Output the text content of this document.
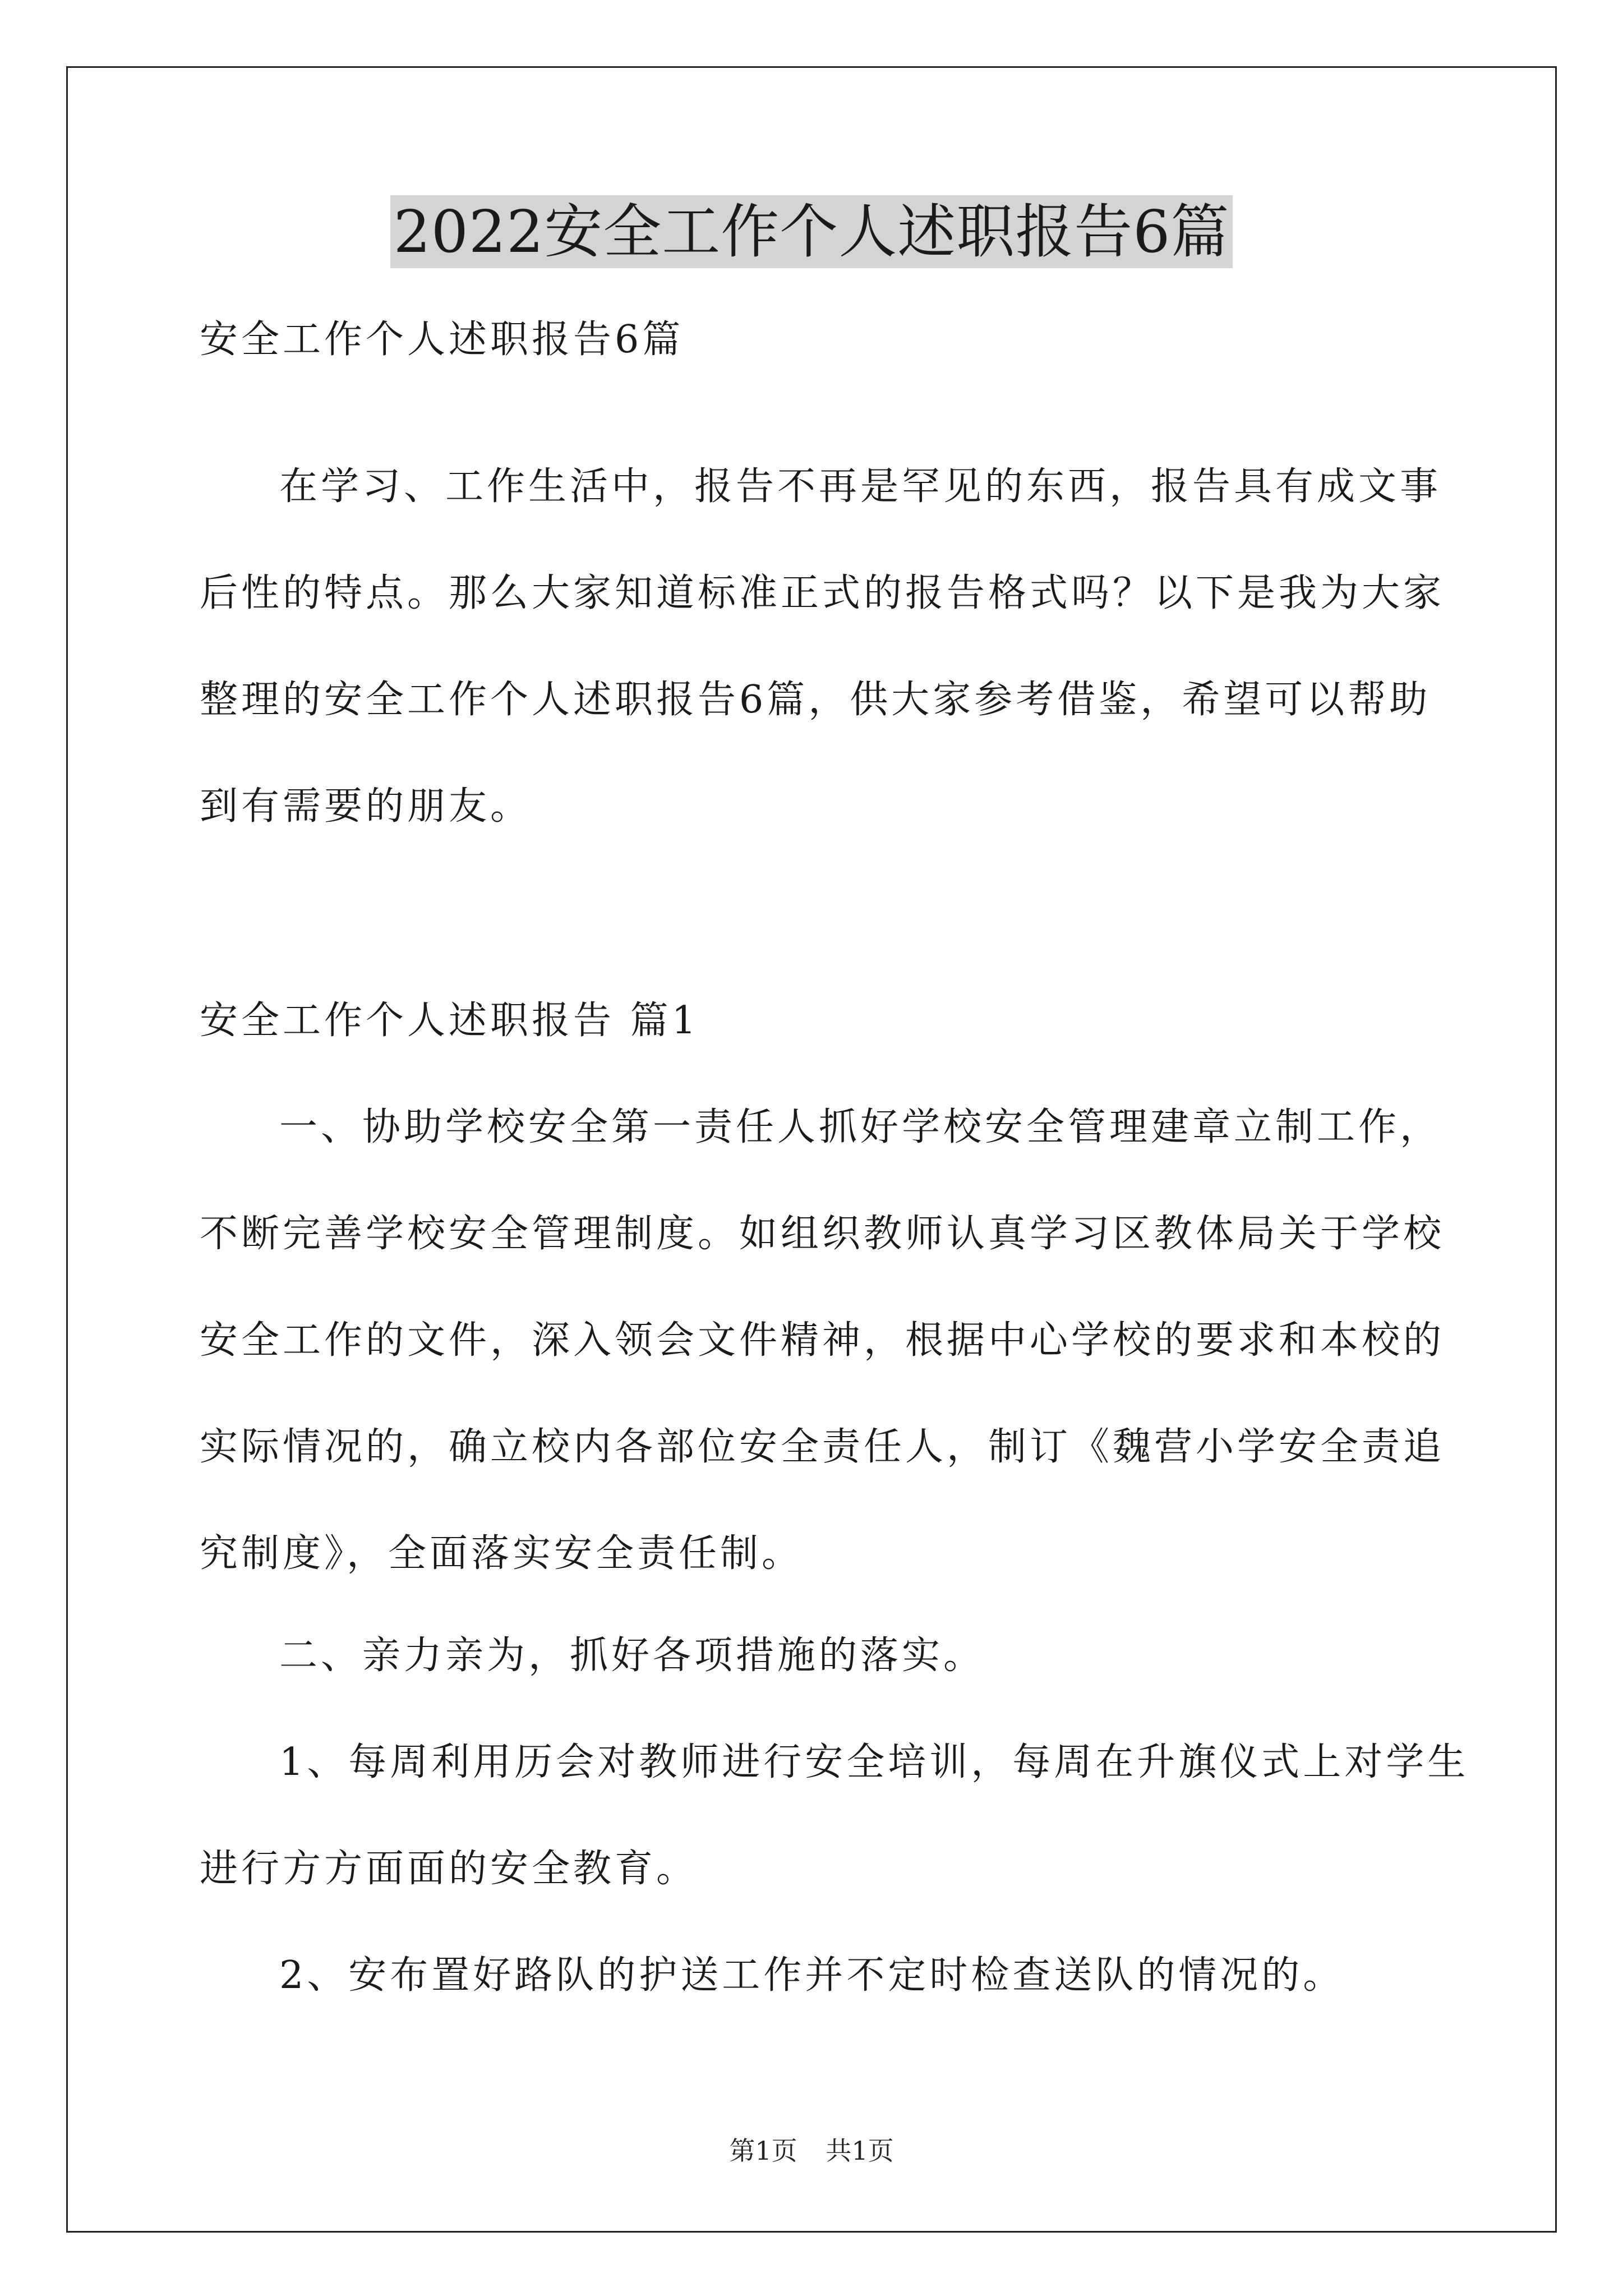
2022安全工作个人述职报告6篇

安全工作个人述职报告6篇

在学习、工作生活中，报告不再是罕见的东西，报告具有成文事
后性的特点。那么大家知道标准正式的报告格式吗？以下是我为大家
整理的安全工作个人述职报告6篇，供大家参考借鉴，希望可以帮助
到有需要的朋友。

安全工作个人述职报告 篇1

一、协助学校安全第一责任人抓好学校安全管理建章立制工作，
不断完善学校安全管理制度。如组织教师认真学习区教体局关于学校
安全工作的文件，深入领会文件精神，根据中心学校的要求和本校的
实际情况的，确立校内各部位安全责任人，制订《魏营小学安全责追
究制度》，全面落实安全责任制。

二、亲力亲为，抓好各项措施的落实。

1、每周利用历会对教师进行安全培训，每周在升旗仪式上对学生
进行方方面面的安全教育。

2、安布置好路队的护送工作并不定时检查送队的情况的。

第1页 共1页
